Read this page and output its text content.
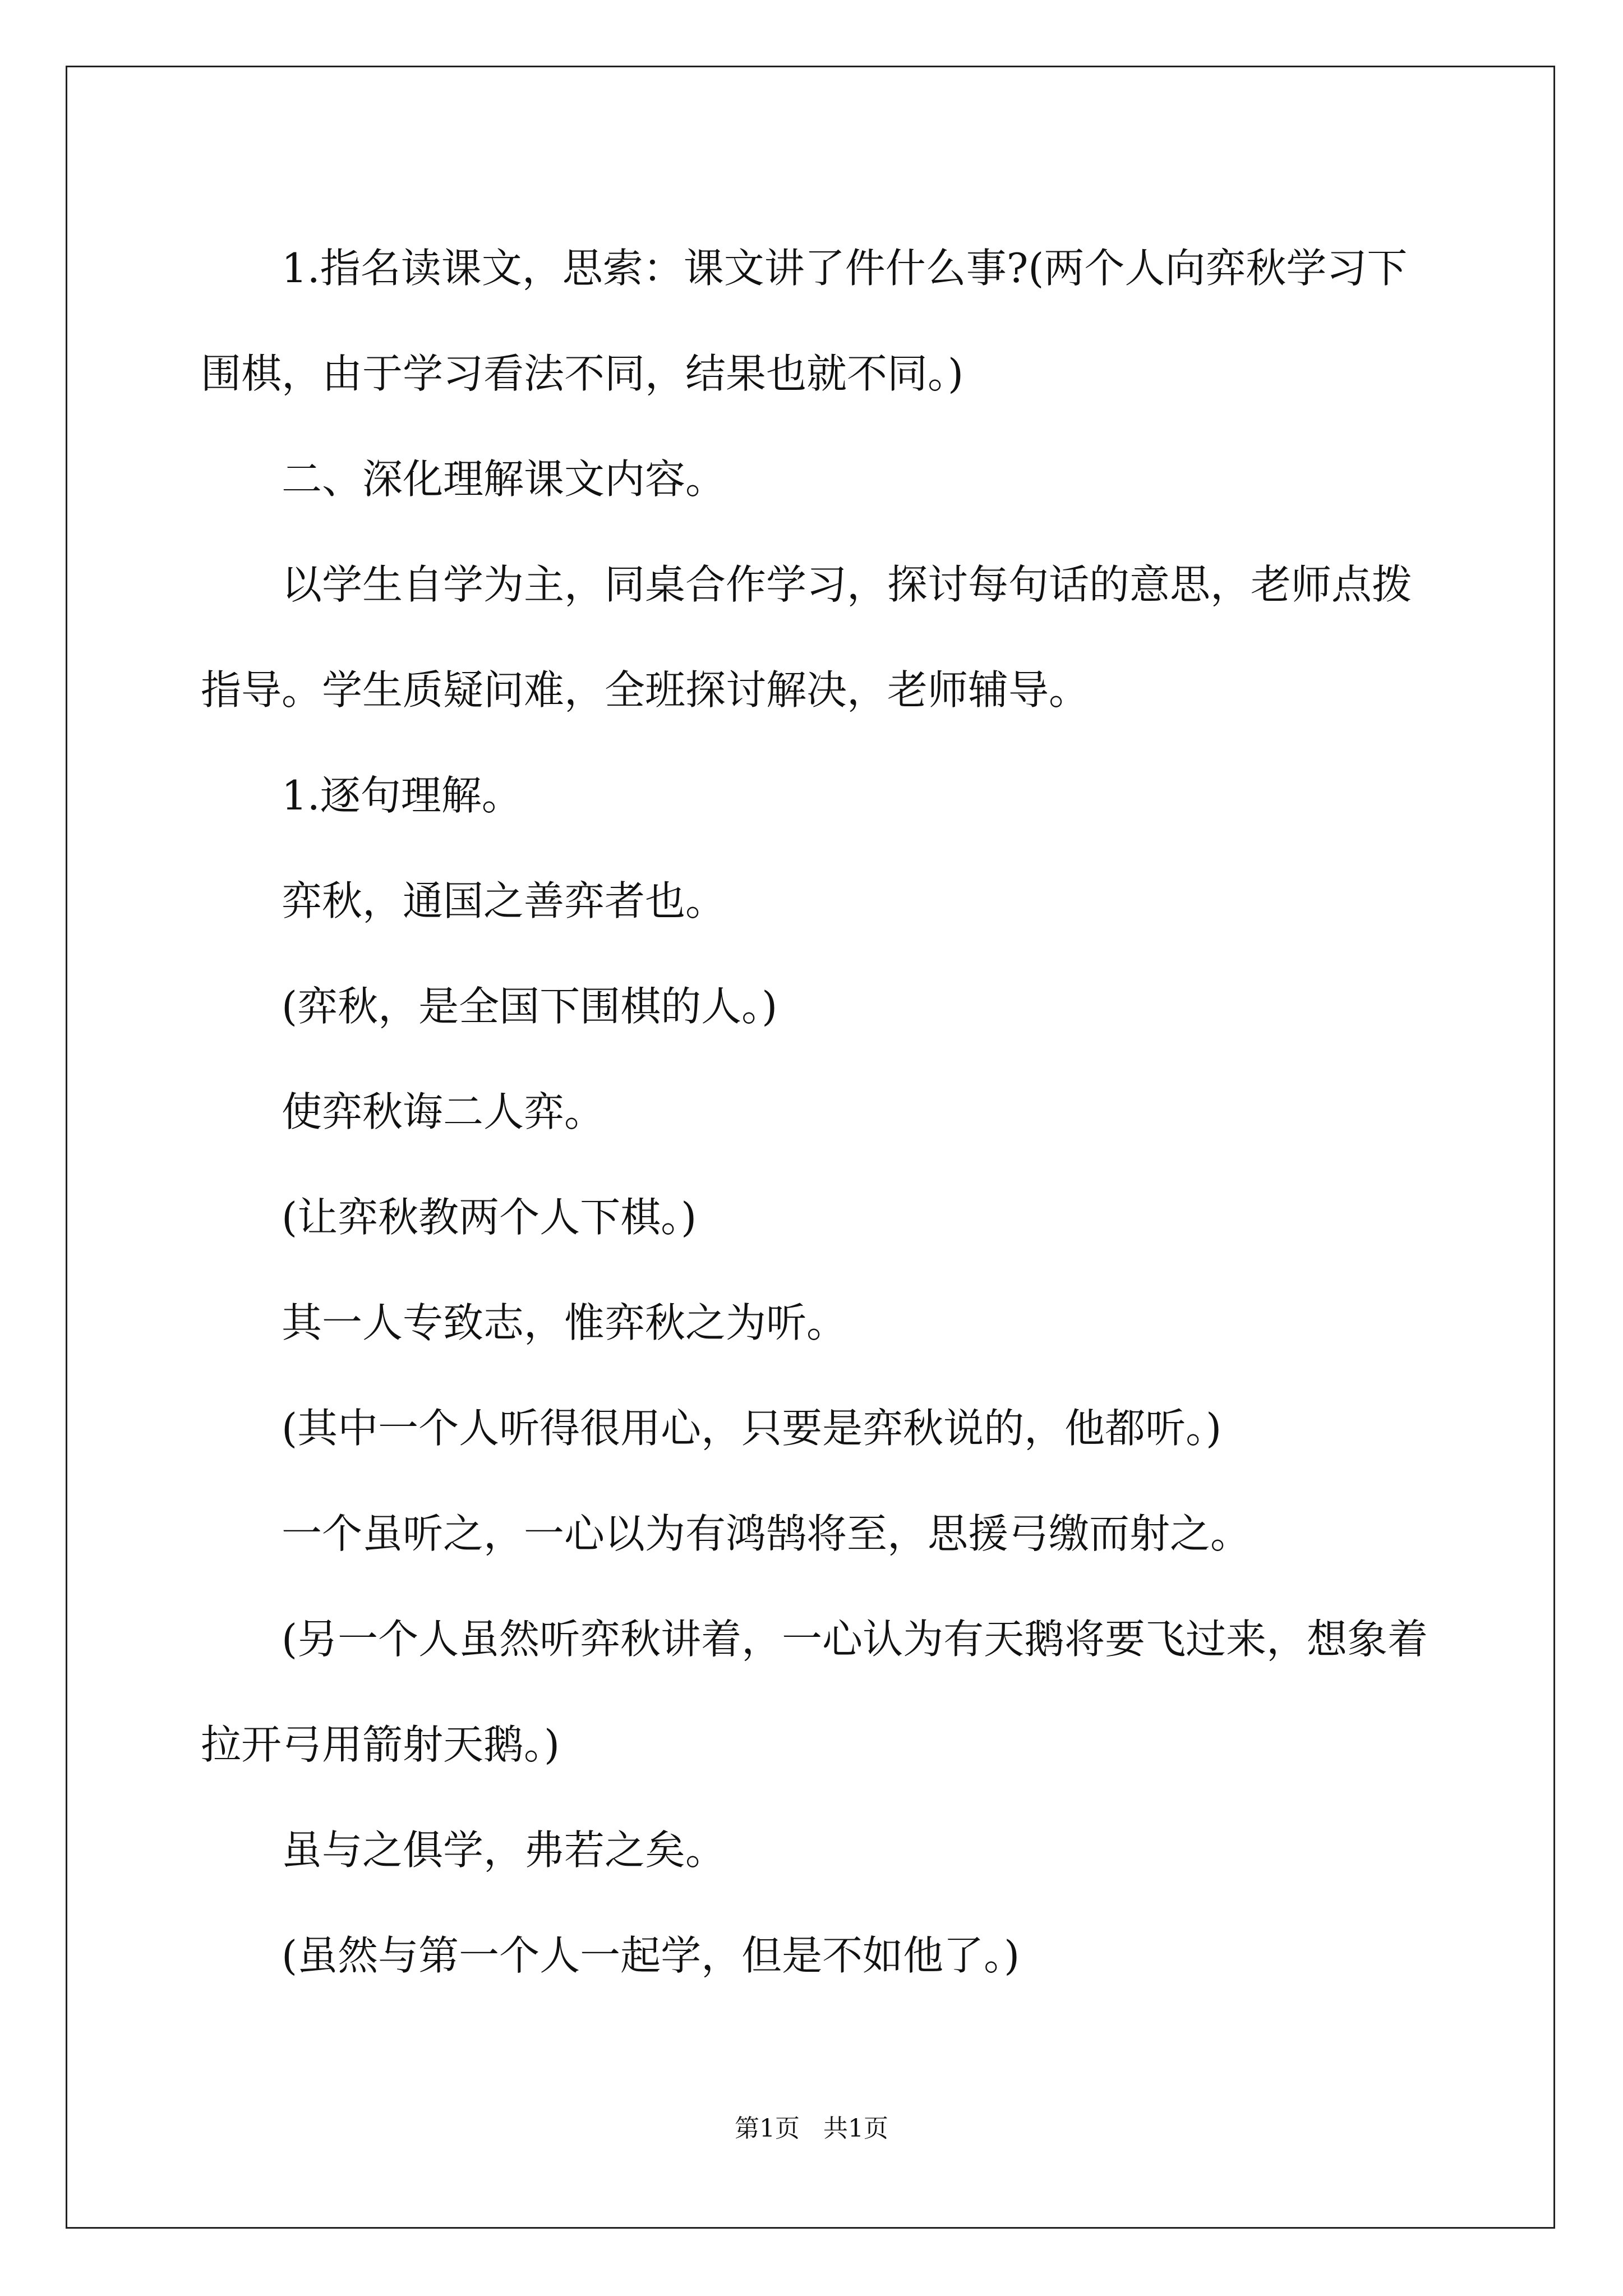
1.指名读课文，思索：课文讲了件什么事?(两个人向弈秋学习下

围棋，由于学习看法不同，结果也就不同。)

二、深化理解课文内容。

以学生自学为主，同桌合作学习，探讨每句话的意思，老师点拨

指导。学生质疑问难，全班探讨解决，老师辅导。

1.逐句理解。

弈秋，通国之善弈者也。

(弈秋，是全国下围棋的人。)

使弈秋诲二人弈。

(让弈秋教两个人下棋。)

其一人专致志，惟弈秋之为听。

(其中一个人听得很用心，只要是弈秋说的，他都听。)

一个虽听之，一心以为有鸿鹄将至，思援弓缴而射之。

(另一个人虽然听弈秋讲着，一心认为有天鹅将要飞过来，想象着

拉开弓用箭射天鹅。)

虽与之俱学，弗若之矣。

(虽然与第一个人一起学，但是不如他了。)

第1页 共1页
